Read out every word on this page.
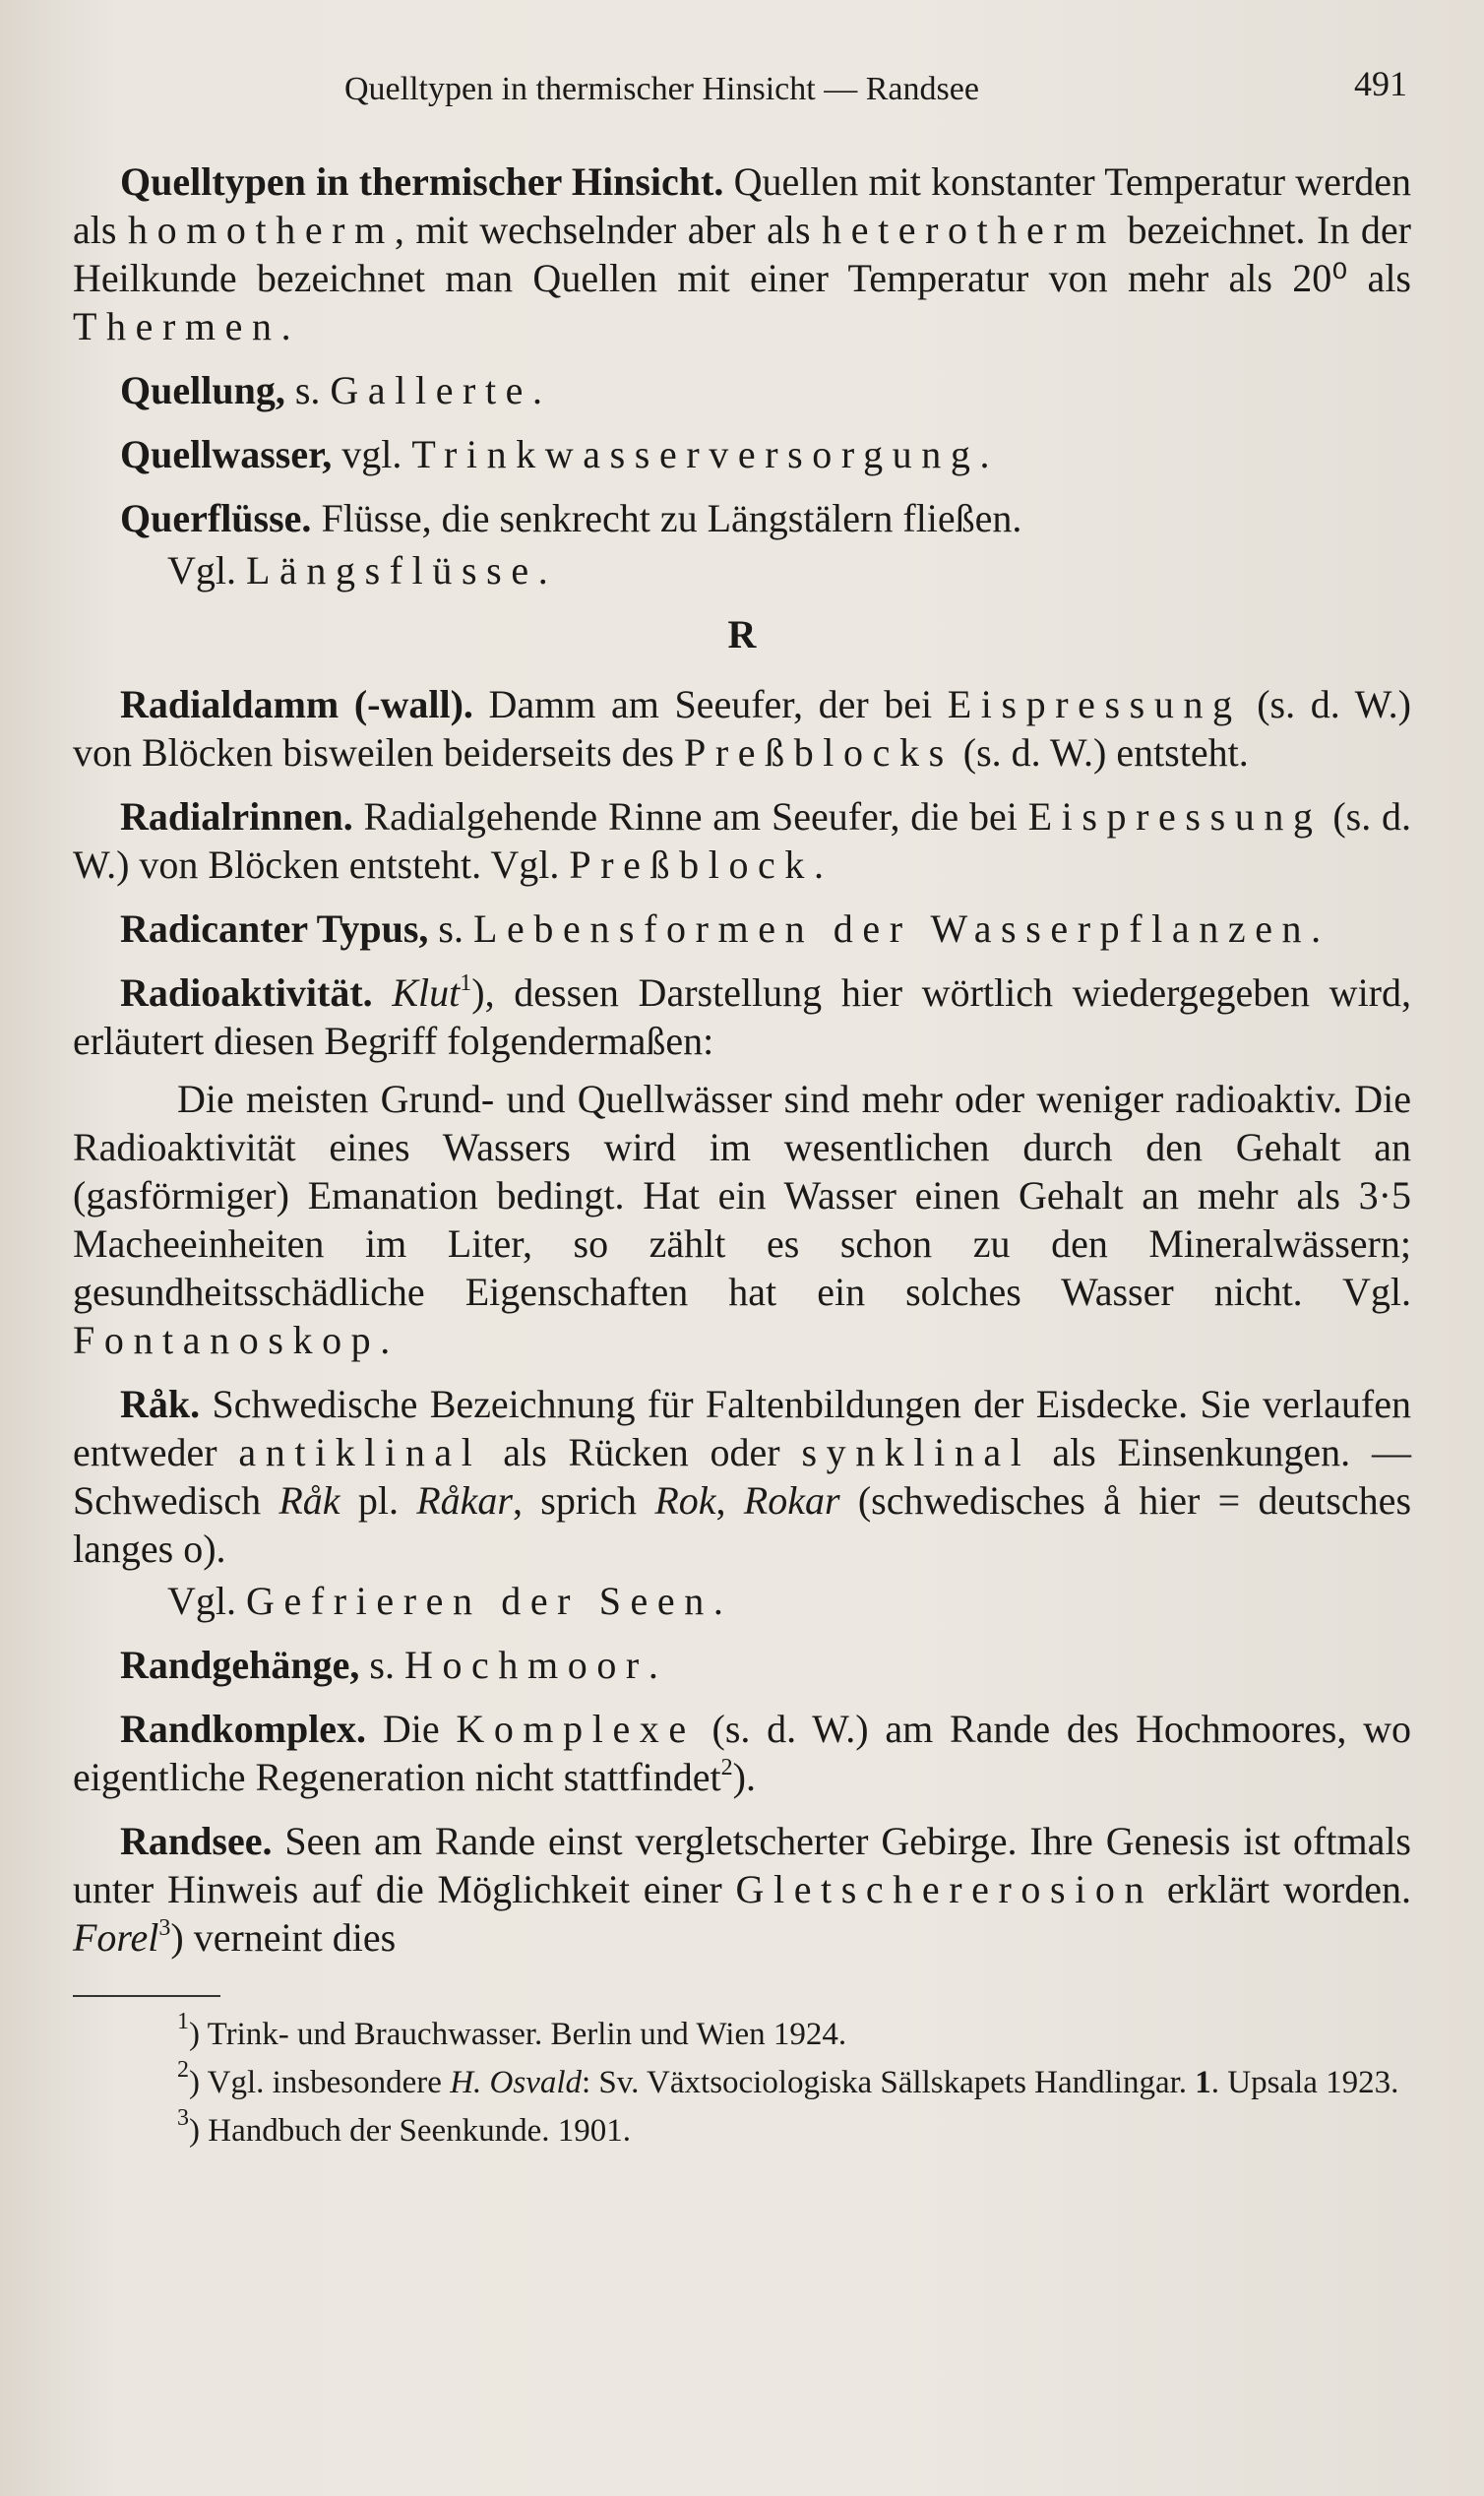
Quelltypen in thermischer Hinsicht — Randsee	491

Quelltypen in thermischer Hinsicht. Quellen mit konstanter Temperatur werden als homotherm, mit wechselnder aber als heterotherm bezeichnet. In der Heilkunde bezeichnet man Quellen mit einer Temperatur von mehr als 20⁰ als Thermen.

Quellung, s. Gallerte.

Quellwasser, vgl. Trinkwasserversorgung.

Querflüsse. Flüsse, die senkrecht zu Längstälern fließen.

Vgl. Längsflüsse.

R

Radialdamm (-wall). Damm am Seeufer, der bei Eispressung (s. d. W.) von Blöcken bisweilen beiderseits des Preßblocks (s. d. W.) entsteht.

Radialrinnen. Radialgehende Rinne am Seeufer, die bei Eispressung (s. d. W.) von Blöcken entsteht. Vgl. Preßblock.

Radicanter Typus, s. Lebensformen der Wasserpflanzen.

Radioaktivität. Klut$^1$), dessen Darstellung hier wörtlich wiedergegeben wird, erläutert diesen Begriff folgendermaßen:

Die meisten Grund- und Quellwässer sind mehr oder weniger radioaktiv. Die Radioaktivität eines Wassers wird im wesentlichen durch den Gehalt an (gasförmiger) Emanation bedingt. Hat ein Wasser einen Gehalt an mehr als 3·5 Macheeinheiten im Liter, so zählt es schon zu den Mineralwässern; gesundheitsschädliche Eigenschaften hat ein solches Wasser nicht. Vgl. Fontanoskop.

Råk. Schwedische Bezeichnung für Faltenbildungen der Eisdecke. Sie verlaufen entweder antiklinal als Rücken oder synklinal als Einsenkungen. — Schwedisch Råk pl. Råkar, sprich Rok, Rokar (schwedisches å hier = deutsches langes o).

Vgl. Gefrieren der Seen.

Randgehänge, s. Hochmoor.

Randkomplex. Die Komplexe (s. d. W.) am Rande des Hochmoores, wo eigentliche Regeneration nicht stattfindet$^2$).

Randsee. Seen am Rande einst vergletscherter Gebirge. Ihre Genesis ist oftmals unter Hinweis auf die Möglichkeit einer Gletschererosion erklärt worden. Forel$^3$) verneint dies

$^1$) Trink- und Brauchwasser. Berlin und Wien 1924.

$^2$) Vgl. insbesondere H. Osvald: Sv. Växtsociologiska Sällskapets Handlingar. 1. Upsala 1923.

$^3$) Handbuch der Seenkunde. 1901.
